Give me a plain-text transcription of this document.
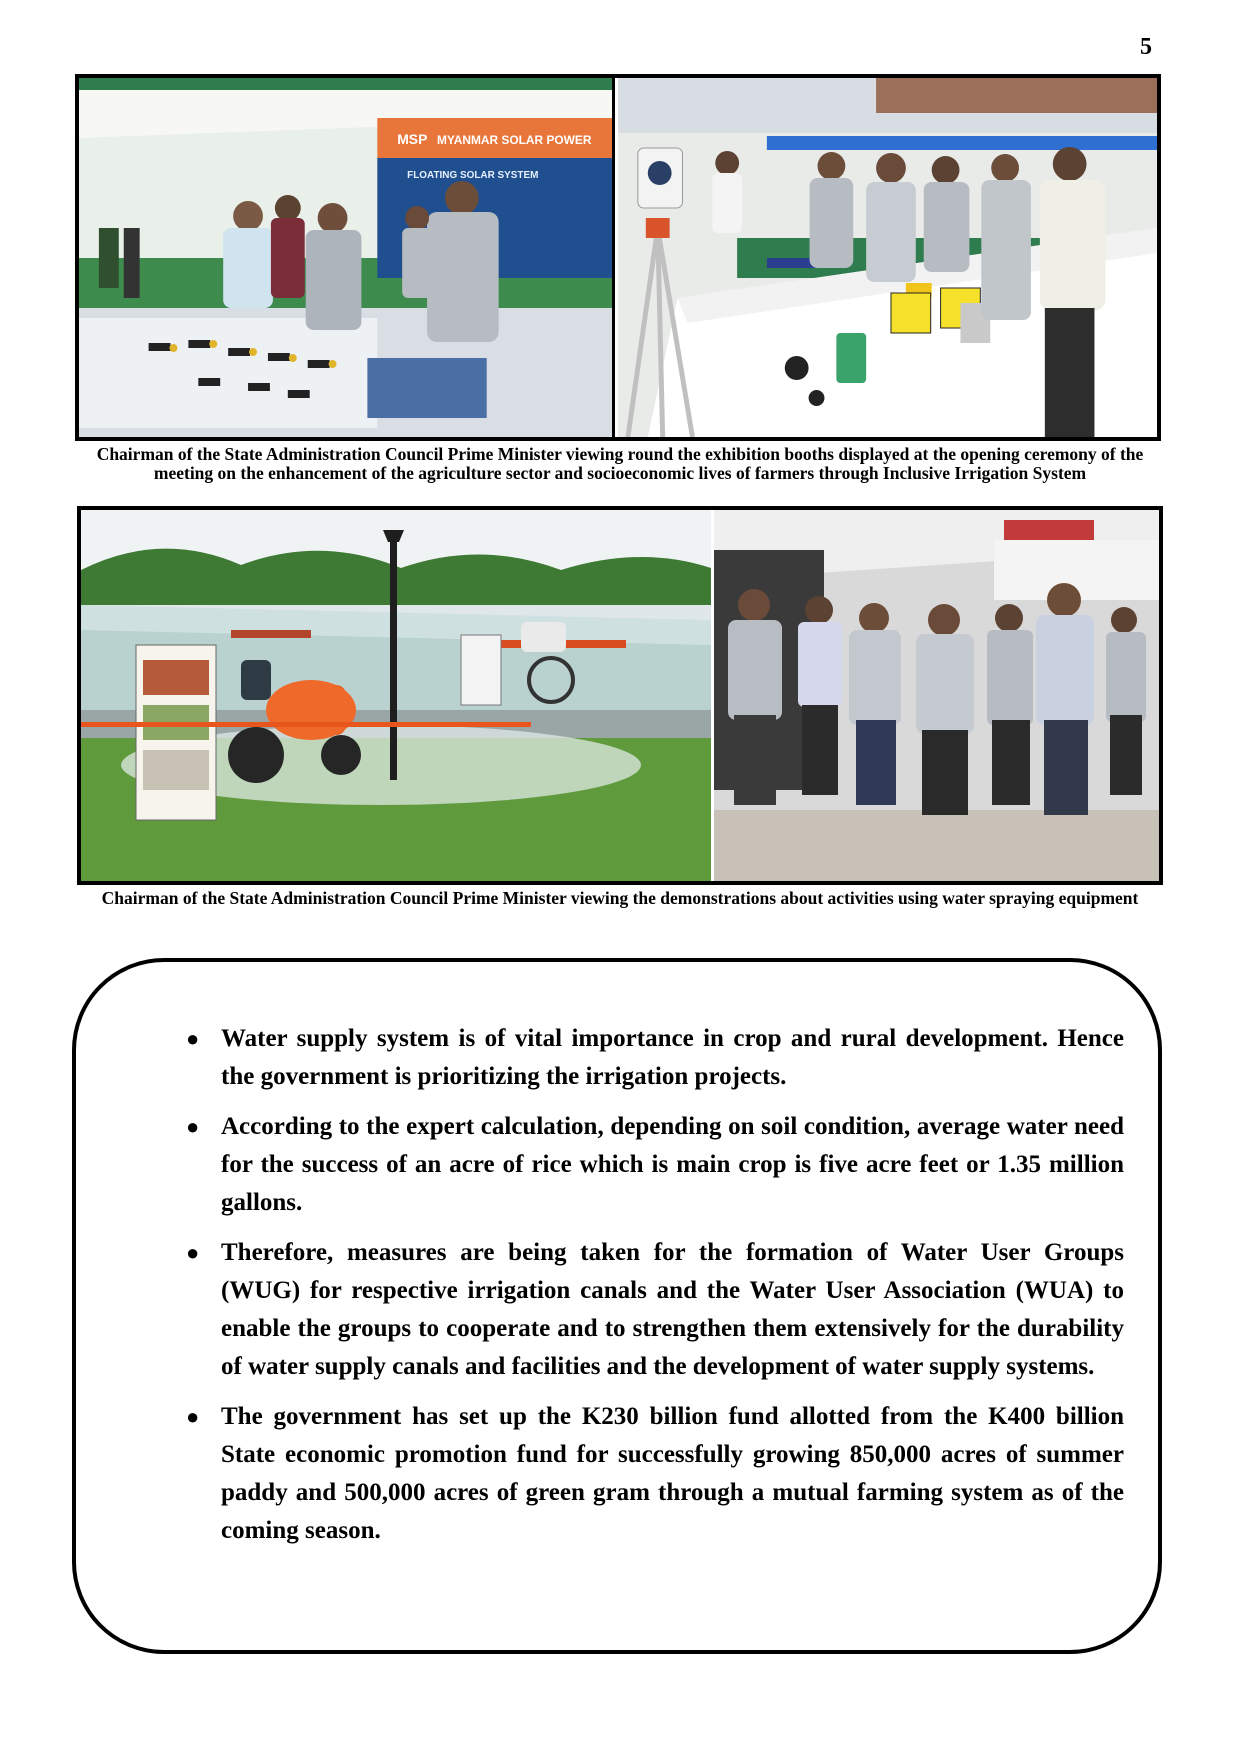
5
MSP MYANMAR SOLAR POWER
FLOATING SOLAR SYSTEM
Chairman of the State Administration Council Prime Minister viewing round the exhibition booths displayed at the opening ceremony of the meeting on the enhancement of the agriculture sector and socioeconomic lives of farmers through Inclusive Irrigation System
Chairman of the State Administration Council Prime Minister viewing the demonstrations about activities using water spraying equipment
● Water supply system is of vital importance in crop and rural development. Hence the government is prioritizing the irrigation projects.
● According to the expert calculation, depending on soil condition, average water need for the success of an acre of rice which is main crop is five acre feet or 1.35 million gallons.
● Therefore, measures are being taken for the formation of Water User Groups (WUG) for respective irrigation canals and the Water User Association (WUA) to enable the groups to cooperate and to strengthen them extensively for the durability of water supply canals and facilities and the development of water supply systems.
● The government has set up the K230 billion fund allotted from the K400 billion State economic promotion fund for successfully growing 850,000 acres of summer paddy and 500,000 acres of green gram through a mutual farming system as of the coming season.
